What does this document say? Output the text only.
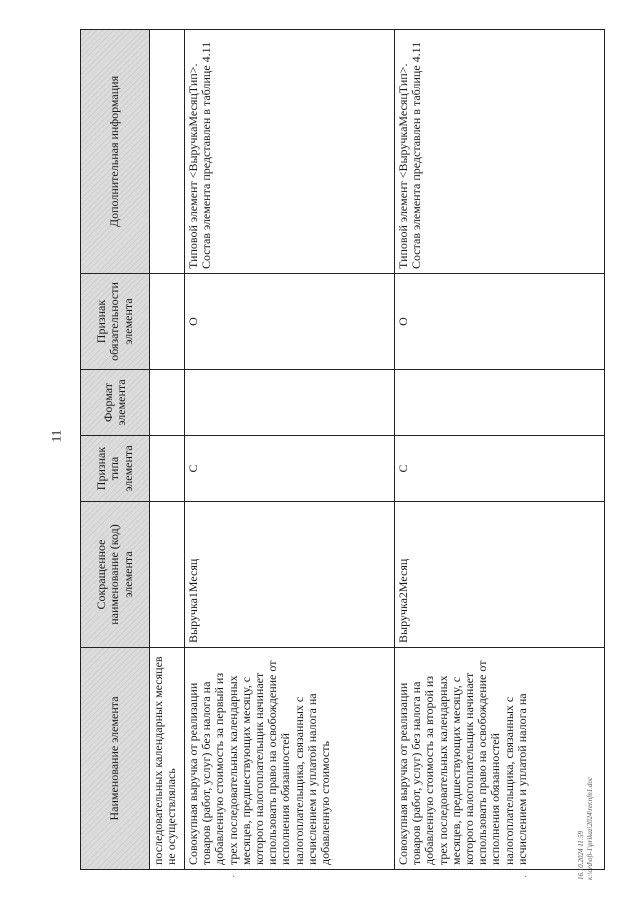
11
Наименование элемента	Сокращенное наименование (код) элемента	Признак типа элемента	Формат элемента	Признак обязательности элемента	Дополнительная информация
последовательных календарных месяцев не осуществлялась					
Совокупная выручка от реализации товаров (работ, услуг) без налога на добавленную стоимость за первый из трех последовательных календарных месяцев, предшествующих месяцу, с которого налогоплательщик начинает использовать право на освобождение от исполнения обязанностей налогоплательщика, связанных с исчислением и уплатой налога на добавленную стоимость	Выручка1Месяц	С		О	Типовой элемент <ВыручкаМесяцТип>. Состав элемента представлен в таблице 4.11
Совокупная выручка от реализации товаров (работ, услуг) без налога на добавленную стоимость за второй из трех последовательных календарных месяцев, предшествующих месяцу, с которого налогоплательщик начинает использовать право на освобождение от исполнения обязанностей налогоплательщика, связанных с исчислением и уплатой налога на	Выручка2Месяц	С		О	Типовой элемент <ВыручкаМесяцТип>. Состав элемента представлен в таблице 4.11
16.10.2024 11:59 к:\ord\ofi-1\prikaz\2024\rer.nfn1.doc
·	·
